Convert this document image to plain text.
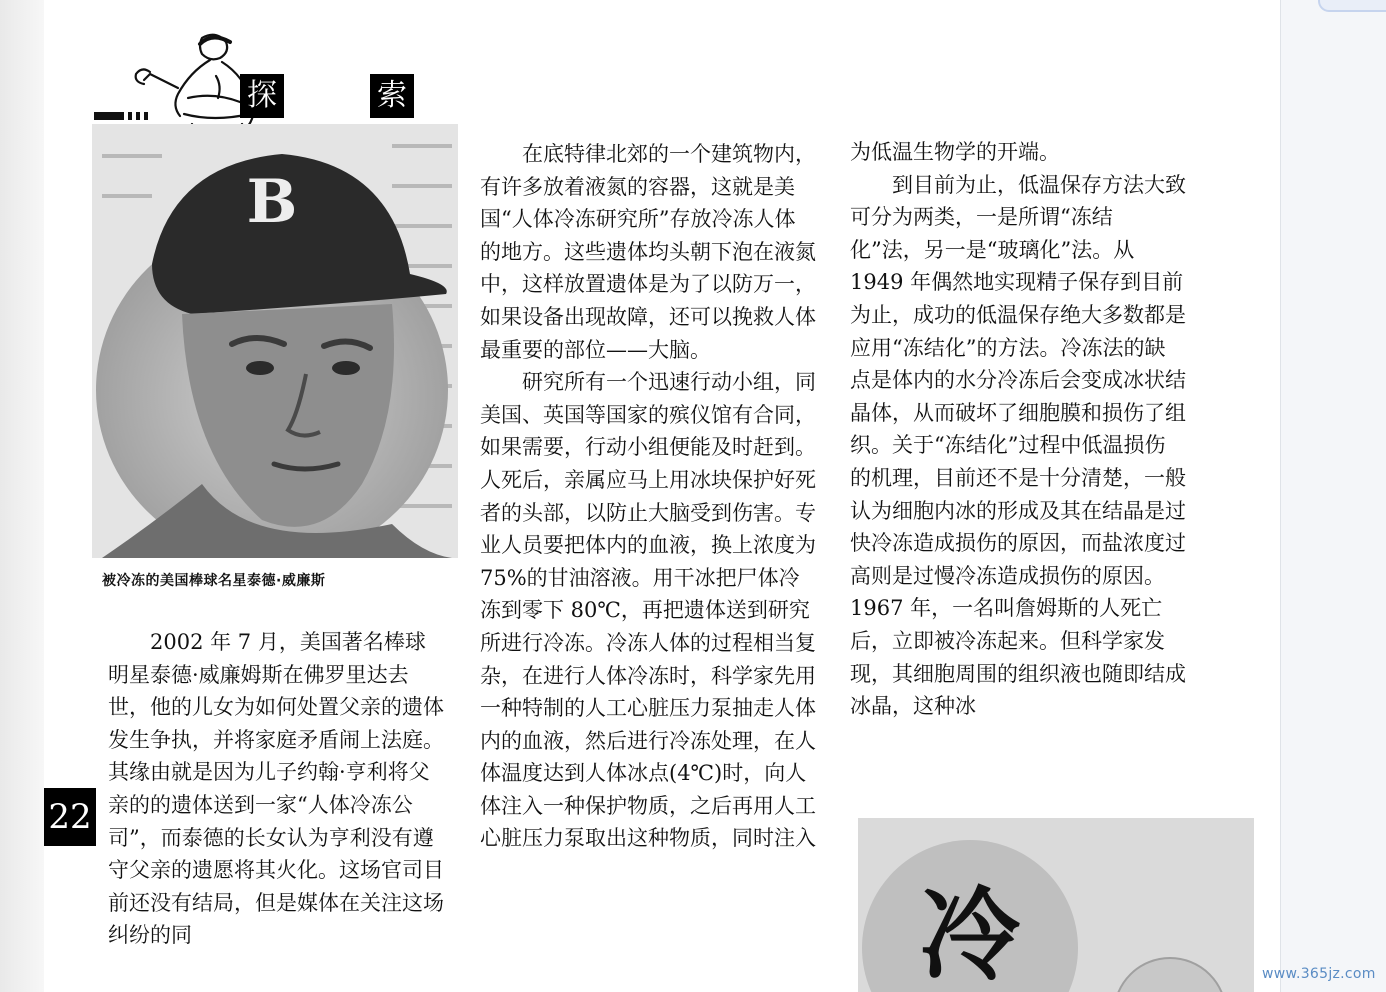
探	索
B
被冷冻的美国棒球名星泰德·威廉斯

2002 年 7 月，美国著名棒球明星泰德·威廉姆斯在佛罗里达去世，他的儿女为如何处置父亲的遗体发生争执，并将家庭矛盾闹上法庭。其缘由就是因为儿子约翰·亨利将父亲的的遗体送到一家“人体冷冻公司”，而泰德的长女认为亨利没有遵守父亲的遗愿将其火化。这场官司目前还没有结局，但是媒体在关注这场纠纷的同

在底特律北郊的一个建筑物内，有许多放着液氮的容器，这就是美国“人体冷冻研究所”存放冷冻人体的地方。这些遗体均头朝下泡在液氮中，这样放置遗体是为了以防万一，如果设备出现故障，还可以挽救人体最重要的部位——大脑。

研究所有一个迅速行动小组，同美国、英国等国家的殡仪馆有合同，如果需要，行动小组便能及时赶到。人死后，亲属应马上用冰块保护好死者的头部，以防止大脑受到伤害。专业人员要把体内的血液，换上浓度为 75%的甘油溶液。用干冰把尸体冷冻到零下 80℃，再把遗体送到研究所进行冷冻。冷冻人体的过程相当复杂，在进行人体冷冻时，科学家先用一种特制的人工心脏压力泵抽走人体内的血液，然后进行冷冻处理，在人体温度达到人体冰点(4℃)时，向人体注入一种保护物质，之后再用人工心脏压力泵取出这种物质，同时注入

为低温生物学的开端。

到目前为止，低温保存方法大致可分为两类，一是所谓“冻结化”法，另一是“玻璃化”法。从 1949 年偶然地实现精子保存到目前为止，成功的低温保存绝大多数都是应用“冻结化”的方法。冷冻法的缺点是体内的水分冷冻后会变成冰状结晶体，从而破坏了细胞膜和损伤了组织。关于“冻结化”过程中低温损伤的机理，目前还不是十分清楚，一般认为细胞内冰的形成及其在结晶是过快冷冻造成损伤的原因，而盐浓度过高则是过慢冷冻造成损伤的原因。1967 年，一名叫詹姆斯的人死亡后，立即被冷冻起来。但科学家发现，其细胞周围的组织液也随即结成冰晶，这种冰

22
冷	www.365jz.com
